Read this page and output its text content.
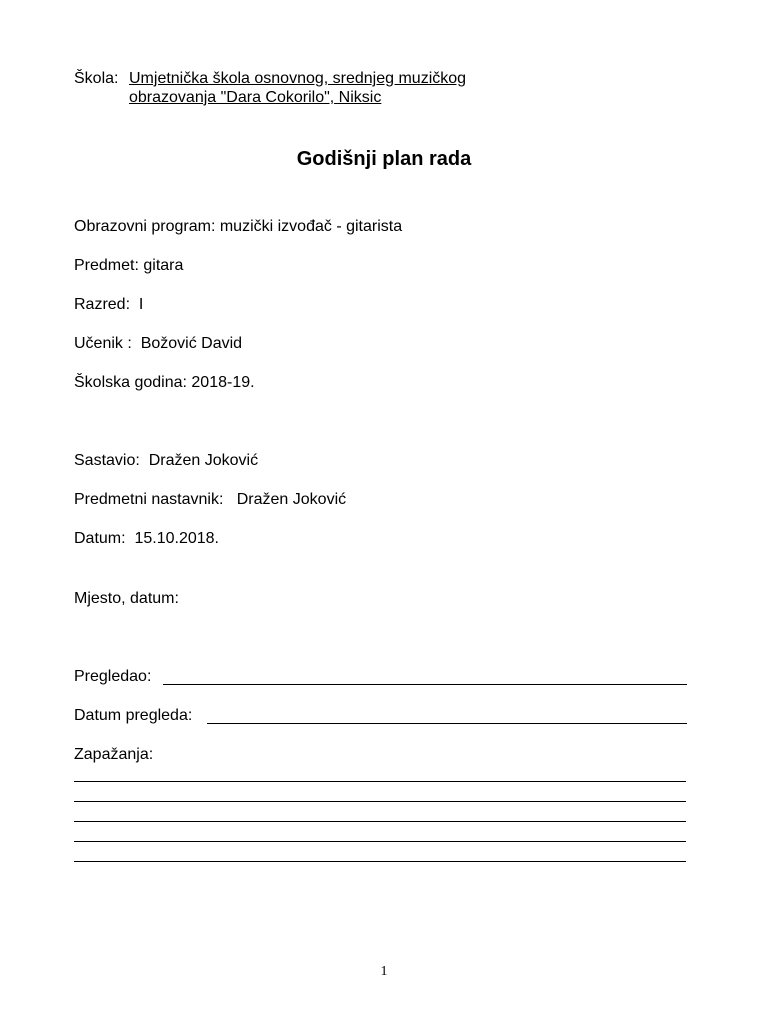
Škola: Umjetnička škola osnovnog, srednjeg muzičkog
obrazovanja "Dara Cokorilo", Niksic
Godišnji plan rada
Obrazovni program: muzički izvođač - gitarista
Predmet: gitara
Razred:  I
Učenik :  Božović David
Školska godina: 2018-19.
Sastavio:  Dražen Joković
Predmetni nastavnik:   Dražen Joković
Datum:  15.10.2018.
Mjesto, datum:
Pregledao:
Datum pregleda:
Zapažanja:
1
